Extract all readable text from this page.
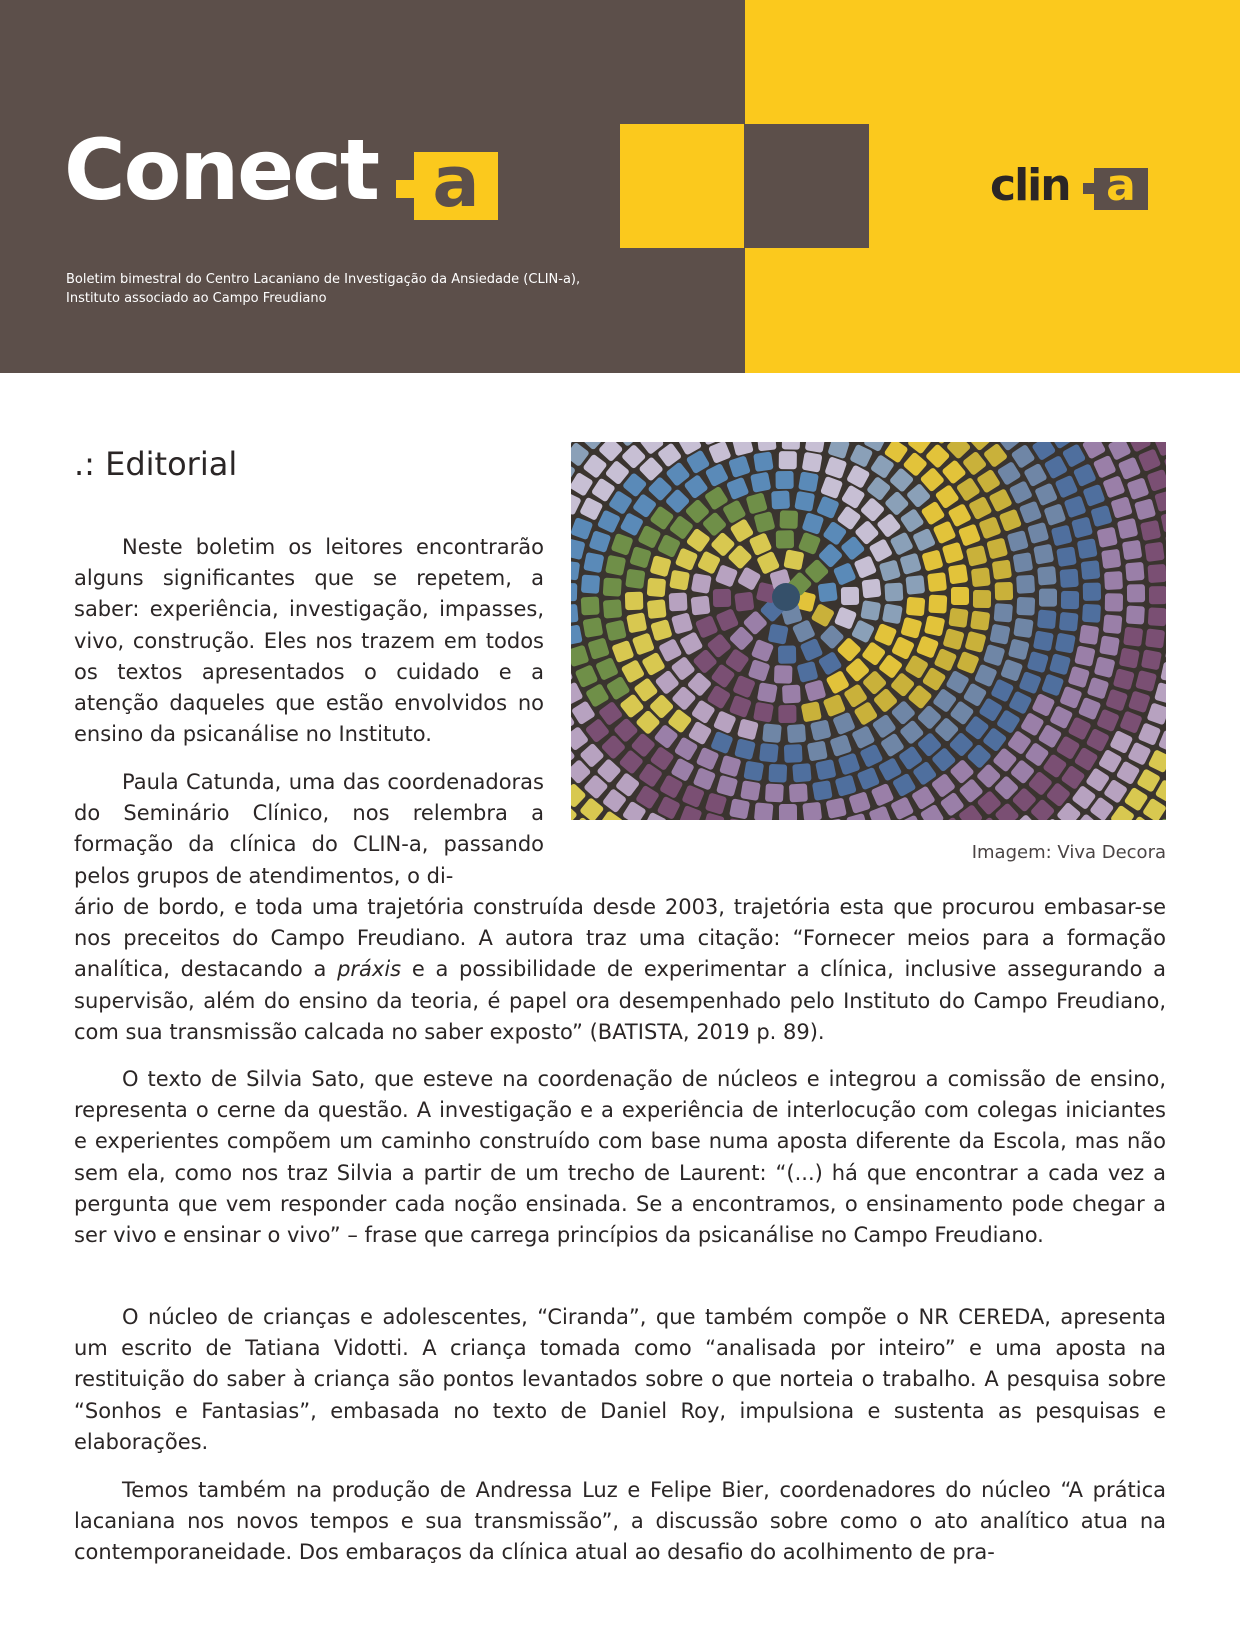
Conect a
Boletim bimestral do Centro Lacaniano de Investigação da Ansiedade (CLIN-a),
Instituto associado ao Campo Freudiano
clin a
.: Editorial
Imagem: Viva Decora

Neste boletim os leitores encontrarão alguns significantes que se repetem, a saber: experiência, investigação, impasses, vivo, construção. Eles nos trazem em todos os textos apresentados o cuidado e a atenção daqueles que estão envolvidos no ensino da psicanálise no Instituto.

Paula Catunda, uma das coordenadoras do Seminário Clínico, nos relembra a formação da clínica do CLIN-a, passando pelos grupos de atendimentos, o di-

ário de bordo, e toda uma trajetória construída desde 2003, trajetória esta que procurou embasar-se nos preceitos do Campo Freudiano. A autora traz uma citação: “Fornecer meios para a formação analítica, destacando a práxis e a possibilidade de experimentar a clínica, inclusive assegurando a supervisão, além do ensino da teoria, é papel ora desempenhado pelo Instituto do Campo Freudiano, com sua transmissão calcada no saber exposto” (BATISTA, 2019 p. 89).

O texto de Silvia Sato, que esteve na coordenação de núcleos e integrou a comissão de ensino, representa o cerne da questão. A investigação e a experiência de interlocução com colegas iniciantes e experientes compõem um caminho construído com base numa aposta diferente da Escola, mas não sem ela, como nos traz Silvia a partir de um trecho de Laurent: “(...) há que encontrar a cada vez a pergunta que vem responder cada noção ensinada. Se a encontramos, o ensinamento pode chegar a ser vivo e ensinar o vivo” – frase que carrega princípios da psicanálise no Campo Freudiano.

O núcleo de crianças e adolescentes, “Ciranda”, que também compõe o NR CEREDA, apresenta um escrito de Tatiana Vidotti. A criança tomada como “analisada por inteiro” e uma aposta na restituição do saber à criança são pontos levantados sobre o que norteia o trabalho. A pesquisa sobre “Sonhos e Fantasias”, embasada no texto de Daniel Roy, impulsiona e sustenta as pesquisas e elaborações.

Temos também na produção de Andressa Luz e Felipe Bier, coordenadores do núcleo “A prática lacaniana nos novos tempos e sua transmissão”, a discussão sobre como o ato analítico atua na contemporaneidade. Dos embaraços da clínica atual ao desafio do acolhimento de pra-
